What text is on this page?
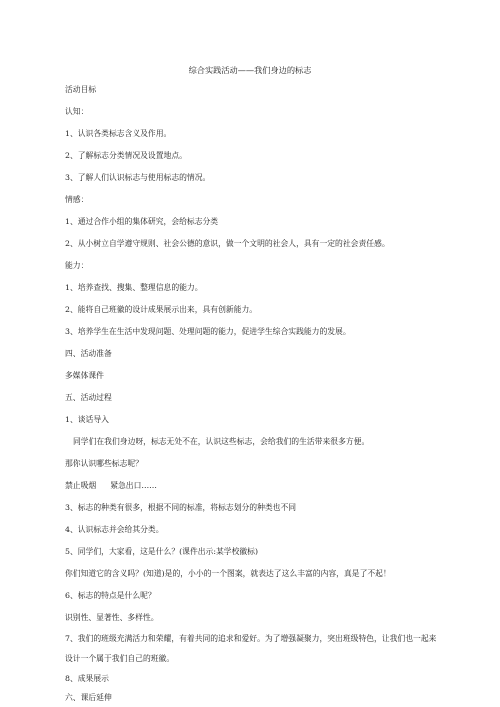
综合实践活动——我们身边的标志
活动目标
认知：
1、认识各类标志含义及作用。
2、了解标志分类情况及设置地点。
3、了解人们认识标志与使用标志的情况。
情感：
1、通过合作小组的集体研究，会给标志分类
2、从小树立自学遵守规则、社会公德的意识，做一个文明的社会人，具有一定的社会责任感。
能力：
1、培养查找、搜集、整理信息的能力。
2、能将自己班徽的设计成果展示出来，具有创新能力。
3、培养学生在生活中发现问题、处理问题的能力，促进学生综合实践能力的发展。
四、活动准备
多媒体课件
五、活动过程
1、谈话导入
同学们在我们身边呀，标志无处不在，认识这些标志，会给我们的生活带来很多方便。
那你认识哪些标志呢？
禁止吸烟 紧急出口……
3、标志的种类有很多，根据不同的标准，将标志划分的种类也不同
4、认识标志并会给其分类。
5、同学们，大家看，这是什么？(课件出示:某学校徽标)
你们知道它的含义吗？(知道)是的，小小的一个图案，就表达了这么丰富的内容，真是了不起！
6、标志的特点是什么呢？
识别性、显著性、多样性。
7、我们的班级充满活力和荣耀，有着共同的追求和爱好。为了增强凝聚力，突出班级特色，让我们也一起来设计一个属于我们自己的班徽。
8、成果展示
六、课后延伸
